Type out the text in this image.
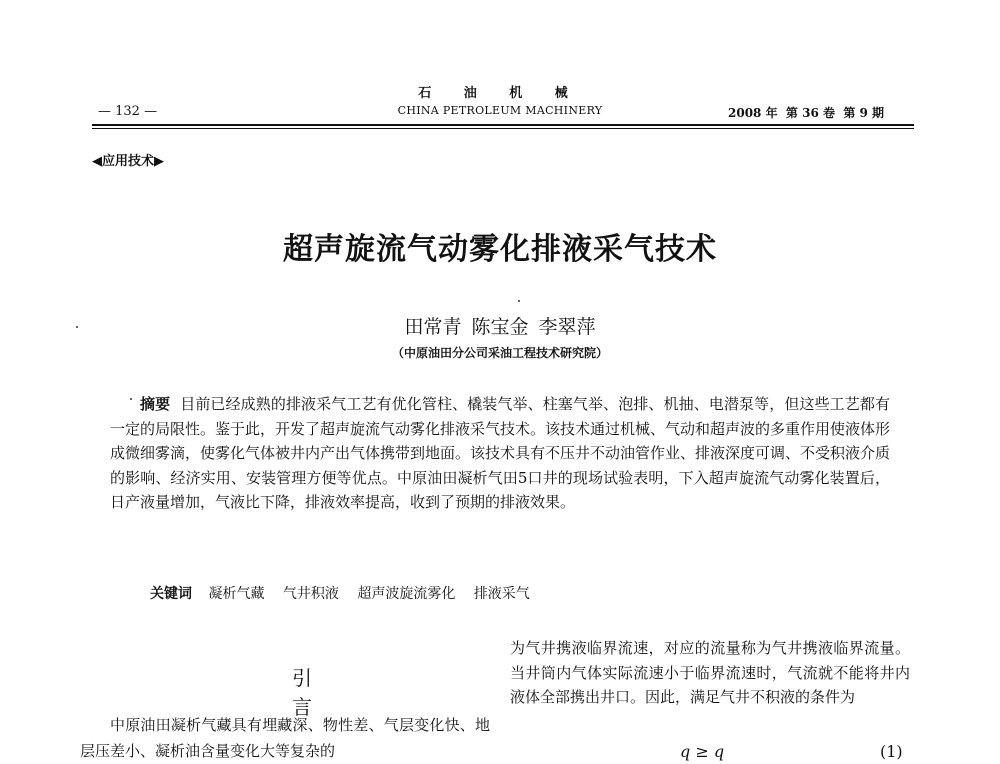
石 油 机 械
— 132 —	CHINA PETROLEUM MACHINERY	2008 年  第 36 卷  第 9 期
◀应用技术▶
超声旋流气动雾化排液采气技术
田常青 陈宝金 李翠萍
（中原油田分公司采油工程技术研究院）
摘要 目前已经成熟的排液采气工艺有优化管柱、橇装气举、柱塞气举、泡排、机抽、电潜泵等，但这些工艺都有一定的局限性。鉴于此，开发了超声旋流气动雾化排液采气技术。该技术通过机械、气动和超声波的多重作用使液体形成微细雾滴，使雾化气体被井内产出气体携带到地面。该技术具有不压井不动油管作业、排液深度可调、不受积液介质的影响、经济实用、安装管理方便等优点。中原油田凝析气田5口井的现场试验表明，下入超声旋流气动雾化装置后，日产液量增加，气液比下降，排液效率提高，收到了预期的排液效果。
关键词 凝析气藏 气井积液 超声波旋流雾化 排液采气
引言
中原油田凝析气藏具有埋藏深、物性差、气层变化快、地层压差小、凝析油含量变化大等复杂的
为气井携液临界流速，对应的流量称为气井携液临界流量。当井筒内气体实际流速小于临界流速时，气流就不能将井内液体全部携出井口。因此，满足气井不积液的条件为
q ≥ q	(1)
